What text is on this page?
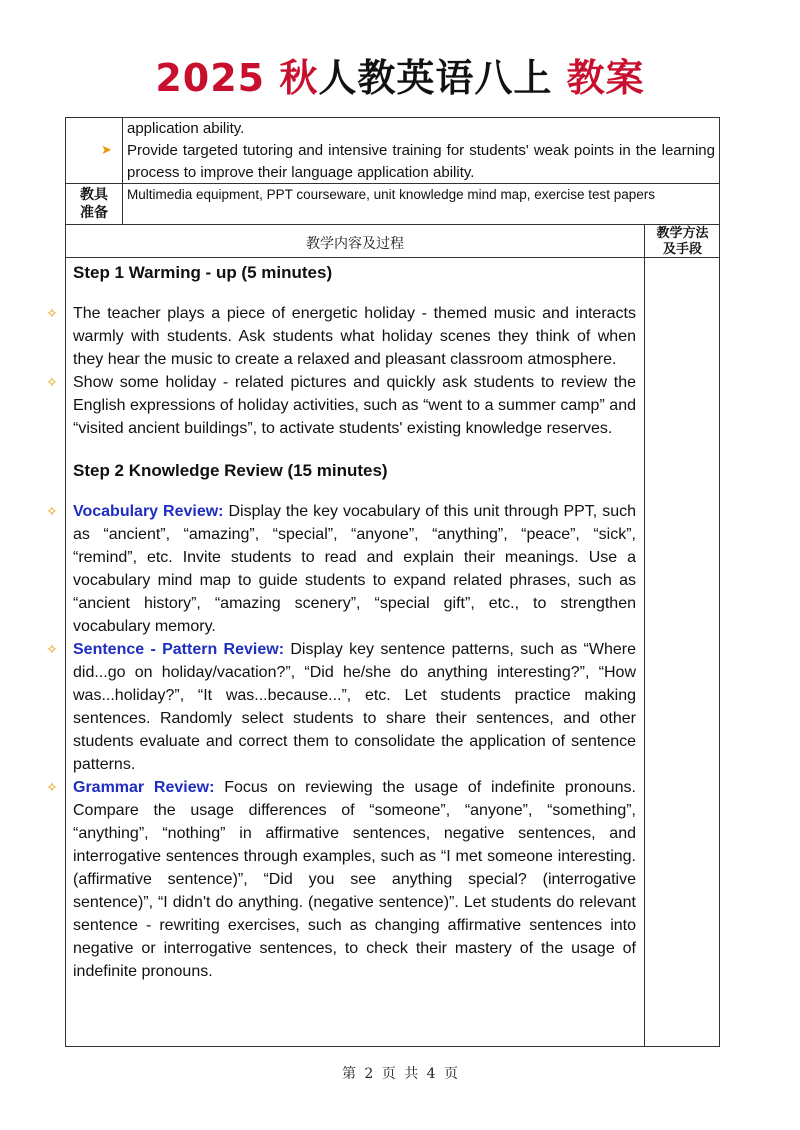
2025 秋人教英语八上 教案
application ability.
➤ Provide targeted tutoring and intensive training for students' weak points in the learning process to improve their language application ability.
教具
准备
Multimedia equipment, PPT courseware, unit knowledge mind map, exercise test papers
教学内容及过程
教学方法
及手段
Step 1 Warming - up (5 minutes)
✧ The teacher plays a piece of energetic holiday - themed music and interacts warmly with students. Ask students what holiday scenes they think of when they hear the music to create a relaxed and pleasant classroom atmosphere.

✧ Show some holiday - related pictures and quickly ask students to review the English expressions of holiday activities, such as “went to a summer camp” and “visited ancient buildings”, to activate students' existing knowledge reserves.

Step 2 Knowledge Review (15 minutes)
✧ Vocabulary Review: Display the key vocabulary of this unit through PPT, such as “ancient”, “amazing”, “special”, “anyone”, “anything”, “peace”, “sick”, “remind”, etc. Invite students to read and explain their meanings. Use a vocabulary mind map to guide students to expand related phrases, such as “ancient history”, “amazing scenery”, “special gift”, etc., to strengthen vocabulary memory.

✧ Sentence - Pattern Review: Display key sentence patterns, such as “Where did...go on holiday/vacation?”, “Did he/she do anything interesting?”, “How was...holiday?”, “It was...because...”, etc. Let students practice making sentences. Randomly select students to share their sentences, and other students evaluate and correct them to consolidate the application of sentence patterns.

✧ Grammar Review: Focus on reviewing the usage of indefinite pronouns. Compare the usage differences of “someone”, “anyone”, “something”, “anything”, “nothing” in affirmative sentences, negative sentences, and interrogative sentences through examples, such as “I met someone interesting. (affirmative sentence)”, “Did you see anything special? (interrogative sentence)”, “I didn't do anything. (negative sentence)”. Let students do relevant sentence - rewriting exercises, such as changing affirmative sentences into negative or interrogative sentences, to check their mastery of the usage of indefinite pronouns.

第 2 页 共 4 页
